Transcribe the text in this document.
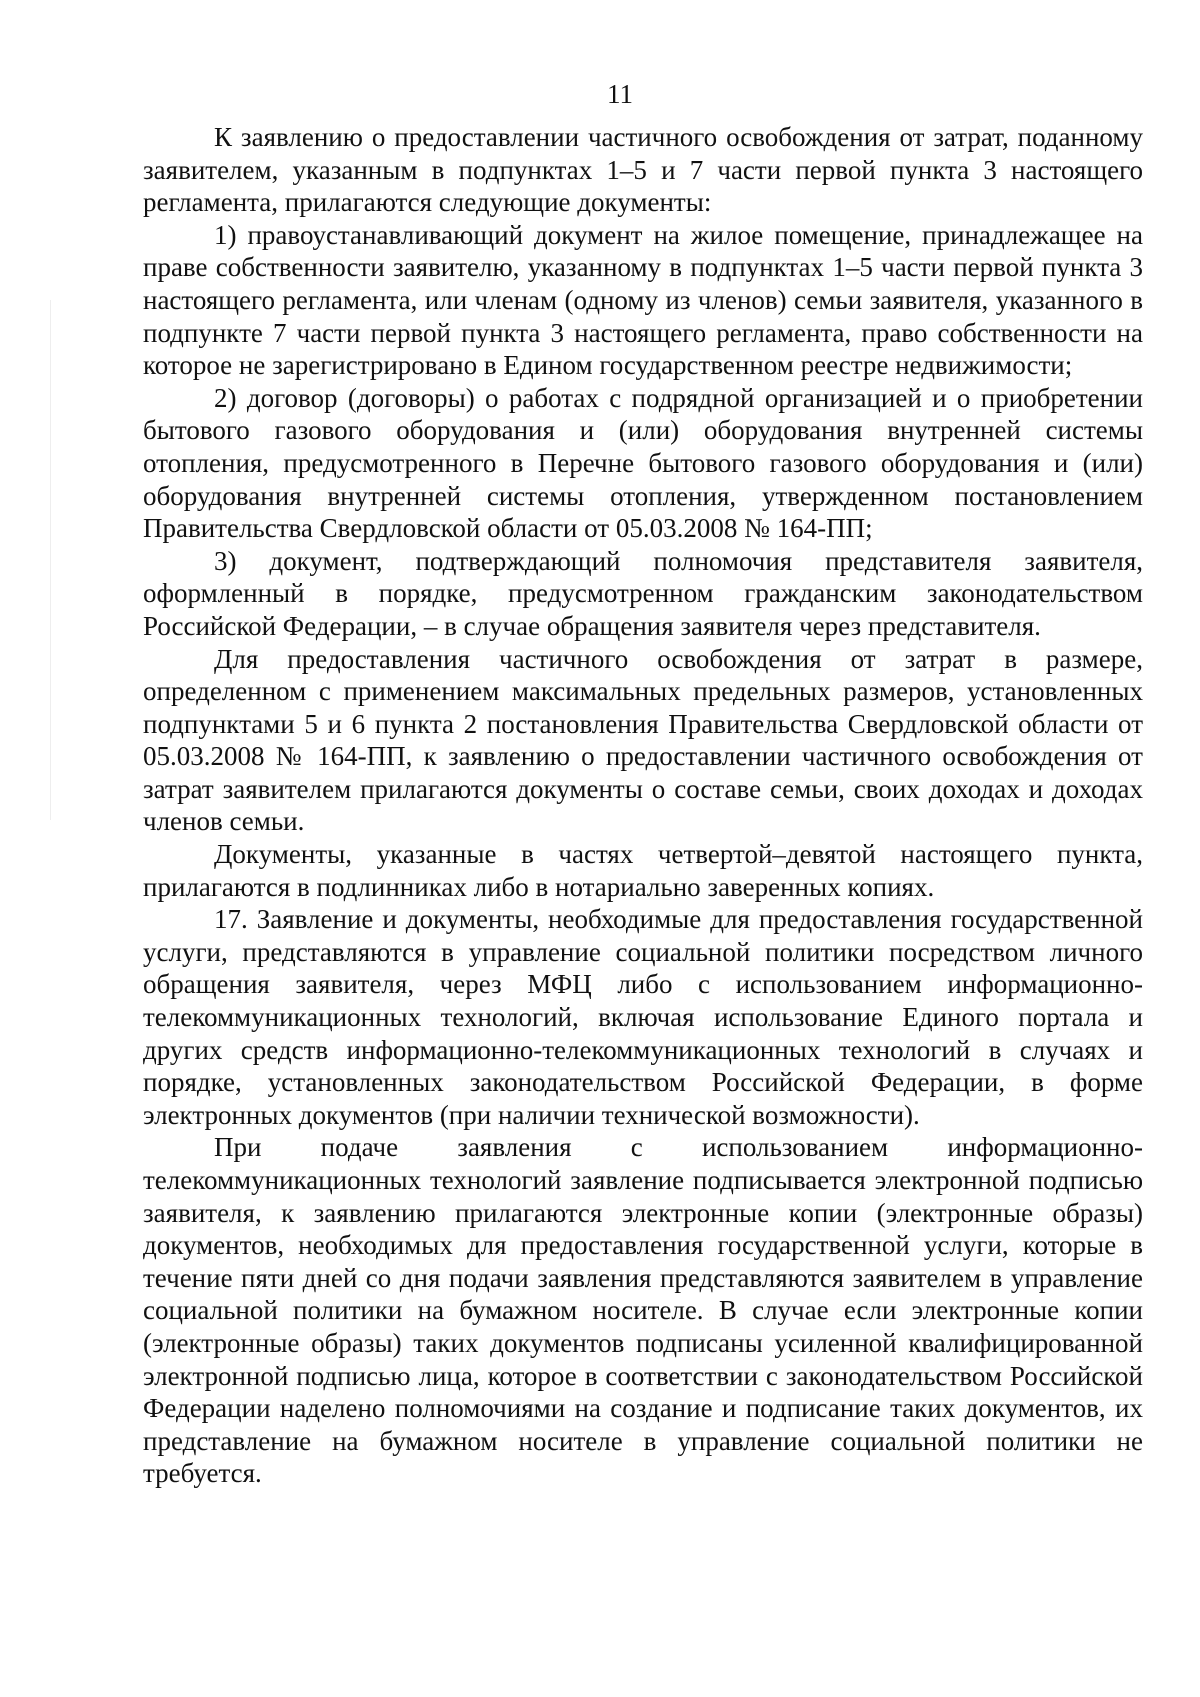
11

К заявлению о предоставлении частичного освобождения от затрат, поданному заявителем, указанным в подпунктах 1–5 и 7 части первой пункта 3 настоящего регламента, прилагаются следующие документы:

1) правоустанавливающий документ на жилое помещение, принадлежащее на праве собственности заявителю, указанному в подпунктах 1–5 части первой пункта 3 настоящего регламента, или членам (одному из членов) семьи заявителя, указанного в подпункте 7 части первой пункта 3 настоящего регламента, право собственности на которое не зарегистрировано в Едином государственном реестре недвижимости;

2) договор (договоры) о работах с подрядной организацией и о приобретении бытового газового оборудования и (или) оборудования внутренней системы отопления, предусмотренного в Перечне бытового газового оборудования и (или) оборудования внутренней системы отопления, утвержденном постановлением Правительства Свердловской области от 05.03.2008 № 164-ПП;

3) документ, подтверждающий полномочия представителя заявителя, оформленный в порядке, предусмотренном гражданским законодательством Российской Федерации, – в случае обращения заявителя через представителя.

Для предоставления частичного освобождения от затрат в размере, определенном с применением максимальных предельных размеров, установленных подпунктами 5 и 6 пункта 2 постановления Правительства Свердловской области от 05.03.2008 № 164-ПП, к заявлению о предоставлении частичного освобождения от затрат заявителем прилагаются документы о составе семьи, своих доходах и доходах членов семьи.

Документы, указанные в частях четвертой–девятой настоящего пункта, прилагаются в подлинниках либо в нотариально заверенных копиях.

17. Заявление и документы, необходимые для предоставления государственной услуги, представляются в управление социальной политики посредством личного обращения заявителя, через МФЦ либо с использованием информационно-телекоммуникационных технологий, включая использование Единого портала и других средств информационно-телекоммуникационных технологий в случаях и порядке, установленных законодательством Российской Федерации, в форме электронных документов (при наличии технической возможности).

При подаче заявления с использованием информационно-телекоммуникационных технологий заявление подписывается электронной подписью заявителя, к заявлению прилагаются электронные копии (электронные образы) документов, необходимых для предоставления государственной услуги, которые в течение пяти дней со дня подачи заявления представляются заявителем в управление социальной политики на бумажном носителе. В случае если электронные копии (электронные образы) таких документов подписаны усиленной квалифицированной электронной подписью лица, которое в соответствии с законодательством Российской Федерации наделено полномочиями на создание и подписание таких документов, их представление на бумажном носителе в управление социальной политики не требуется.
